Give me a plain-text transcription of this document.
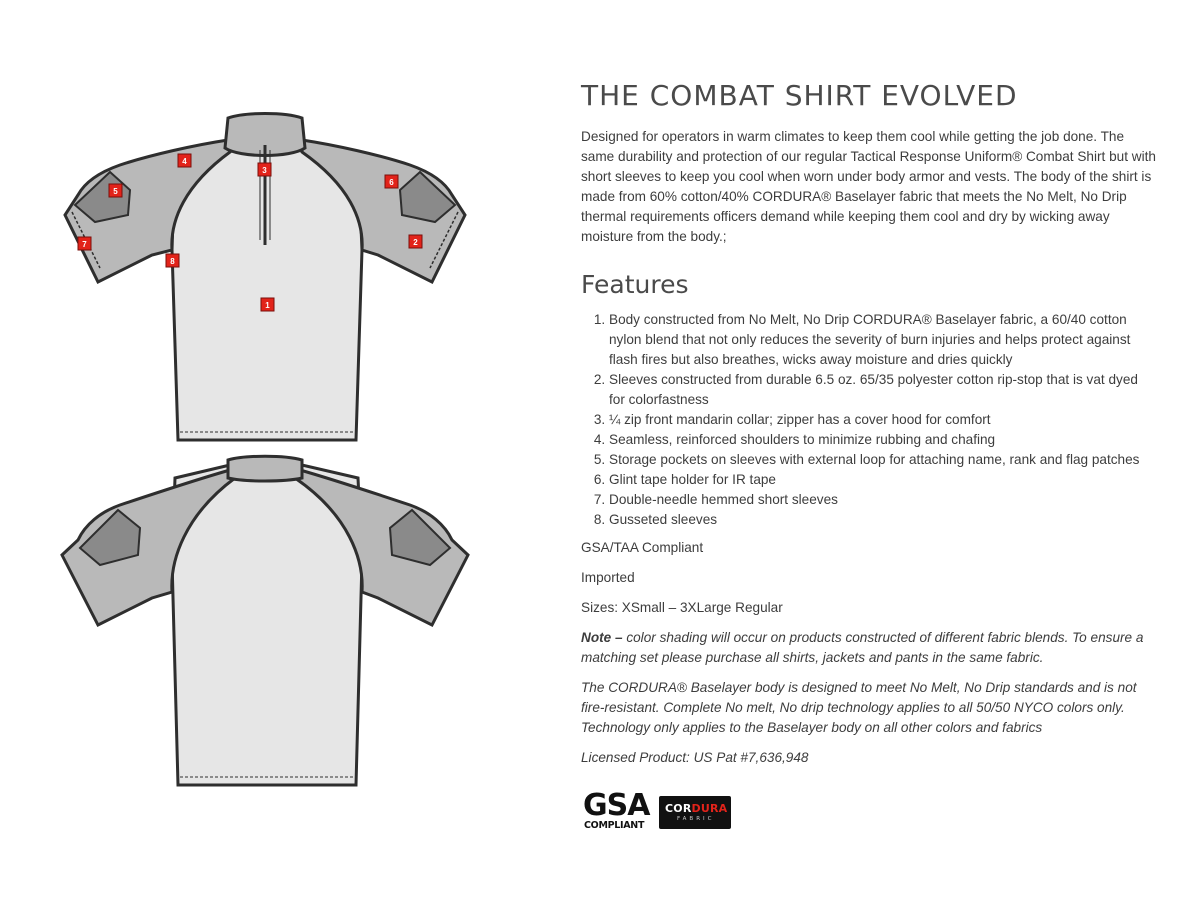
1
2
3
4
5
6
7
8
THE COMBAT SHIRT EVOLVED

Designed for operators in warm climates to keep them cool while getting the job done. The same durability and protection of our regular Tactical Response Uniform® Combat Shirt but with short sleeves to keep you cool when worn under body armor and vests. The body of the shirt is made from 60% cotton/40% CORDURA® Baselayer fabric that meets the No Melt, No Drip thermal requirements officers demand while keeping them cool and dry by wicking away moisture from the body.;

Features
1. Body constructed from No Melt, No Drip CORDURA® Baselayer fabric, a 60/40 cotton nylon blend that not only reduces the severity of burn injuries and helps protect against flash fires but also breathes, wicks away moisture and dries quickly
2. Sleeves constructed from durable 6.5 oz. 65/35 polyester cotton rip-stop that is vat dyed for colorfastness
3. ¼ zip front mandarin collar; zipper has a cover hood for comfort
4. Seamless, reinforced shoulders to minimize rubbing and chafing
5. Storage pockets on sleeves with external loop for attaching name, rank and flag patches
6. Glint tape holder for IR tape
7. Double-needle hemmed short sleeves
8. Gusseted sleeves

GSA/TAA Compliant

Imported

Sizes: XSmall – 3XLarge Regular

Note – color shading will occur on products constructed of different fabric blends. To ensure a matching set please purchase all shirts, jackets and pants in the same fabric.

The CORDURA® Baselayer body is designed to meet No Melt, No Drip standards and is not fire-resistant. Complete No melt, No drip technology applies to all 50/50 NYCO colors only. Technology only applies to the Baselayer body on all other colors and fabrics

Licensed Product: US Pat #7,636,948

GSA
COMPLIANT
CORDURA
FABRIC
